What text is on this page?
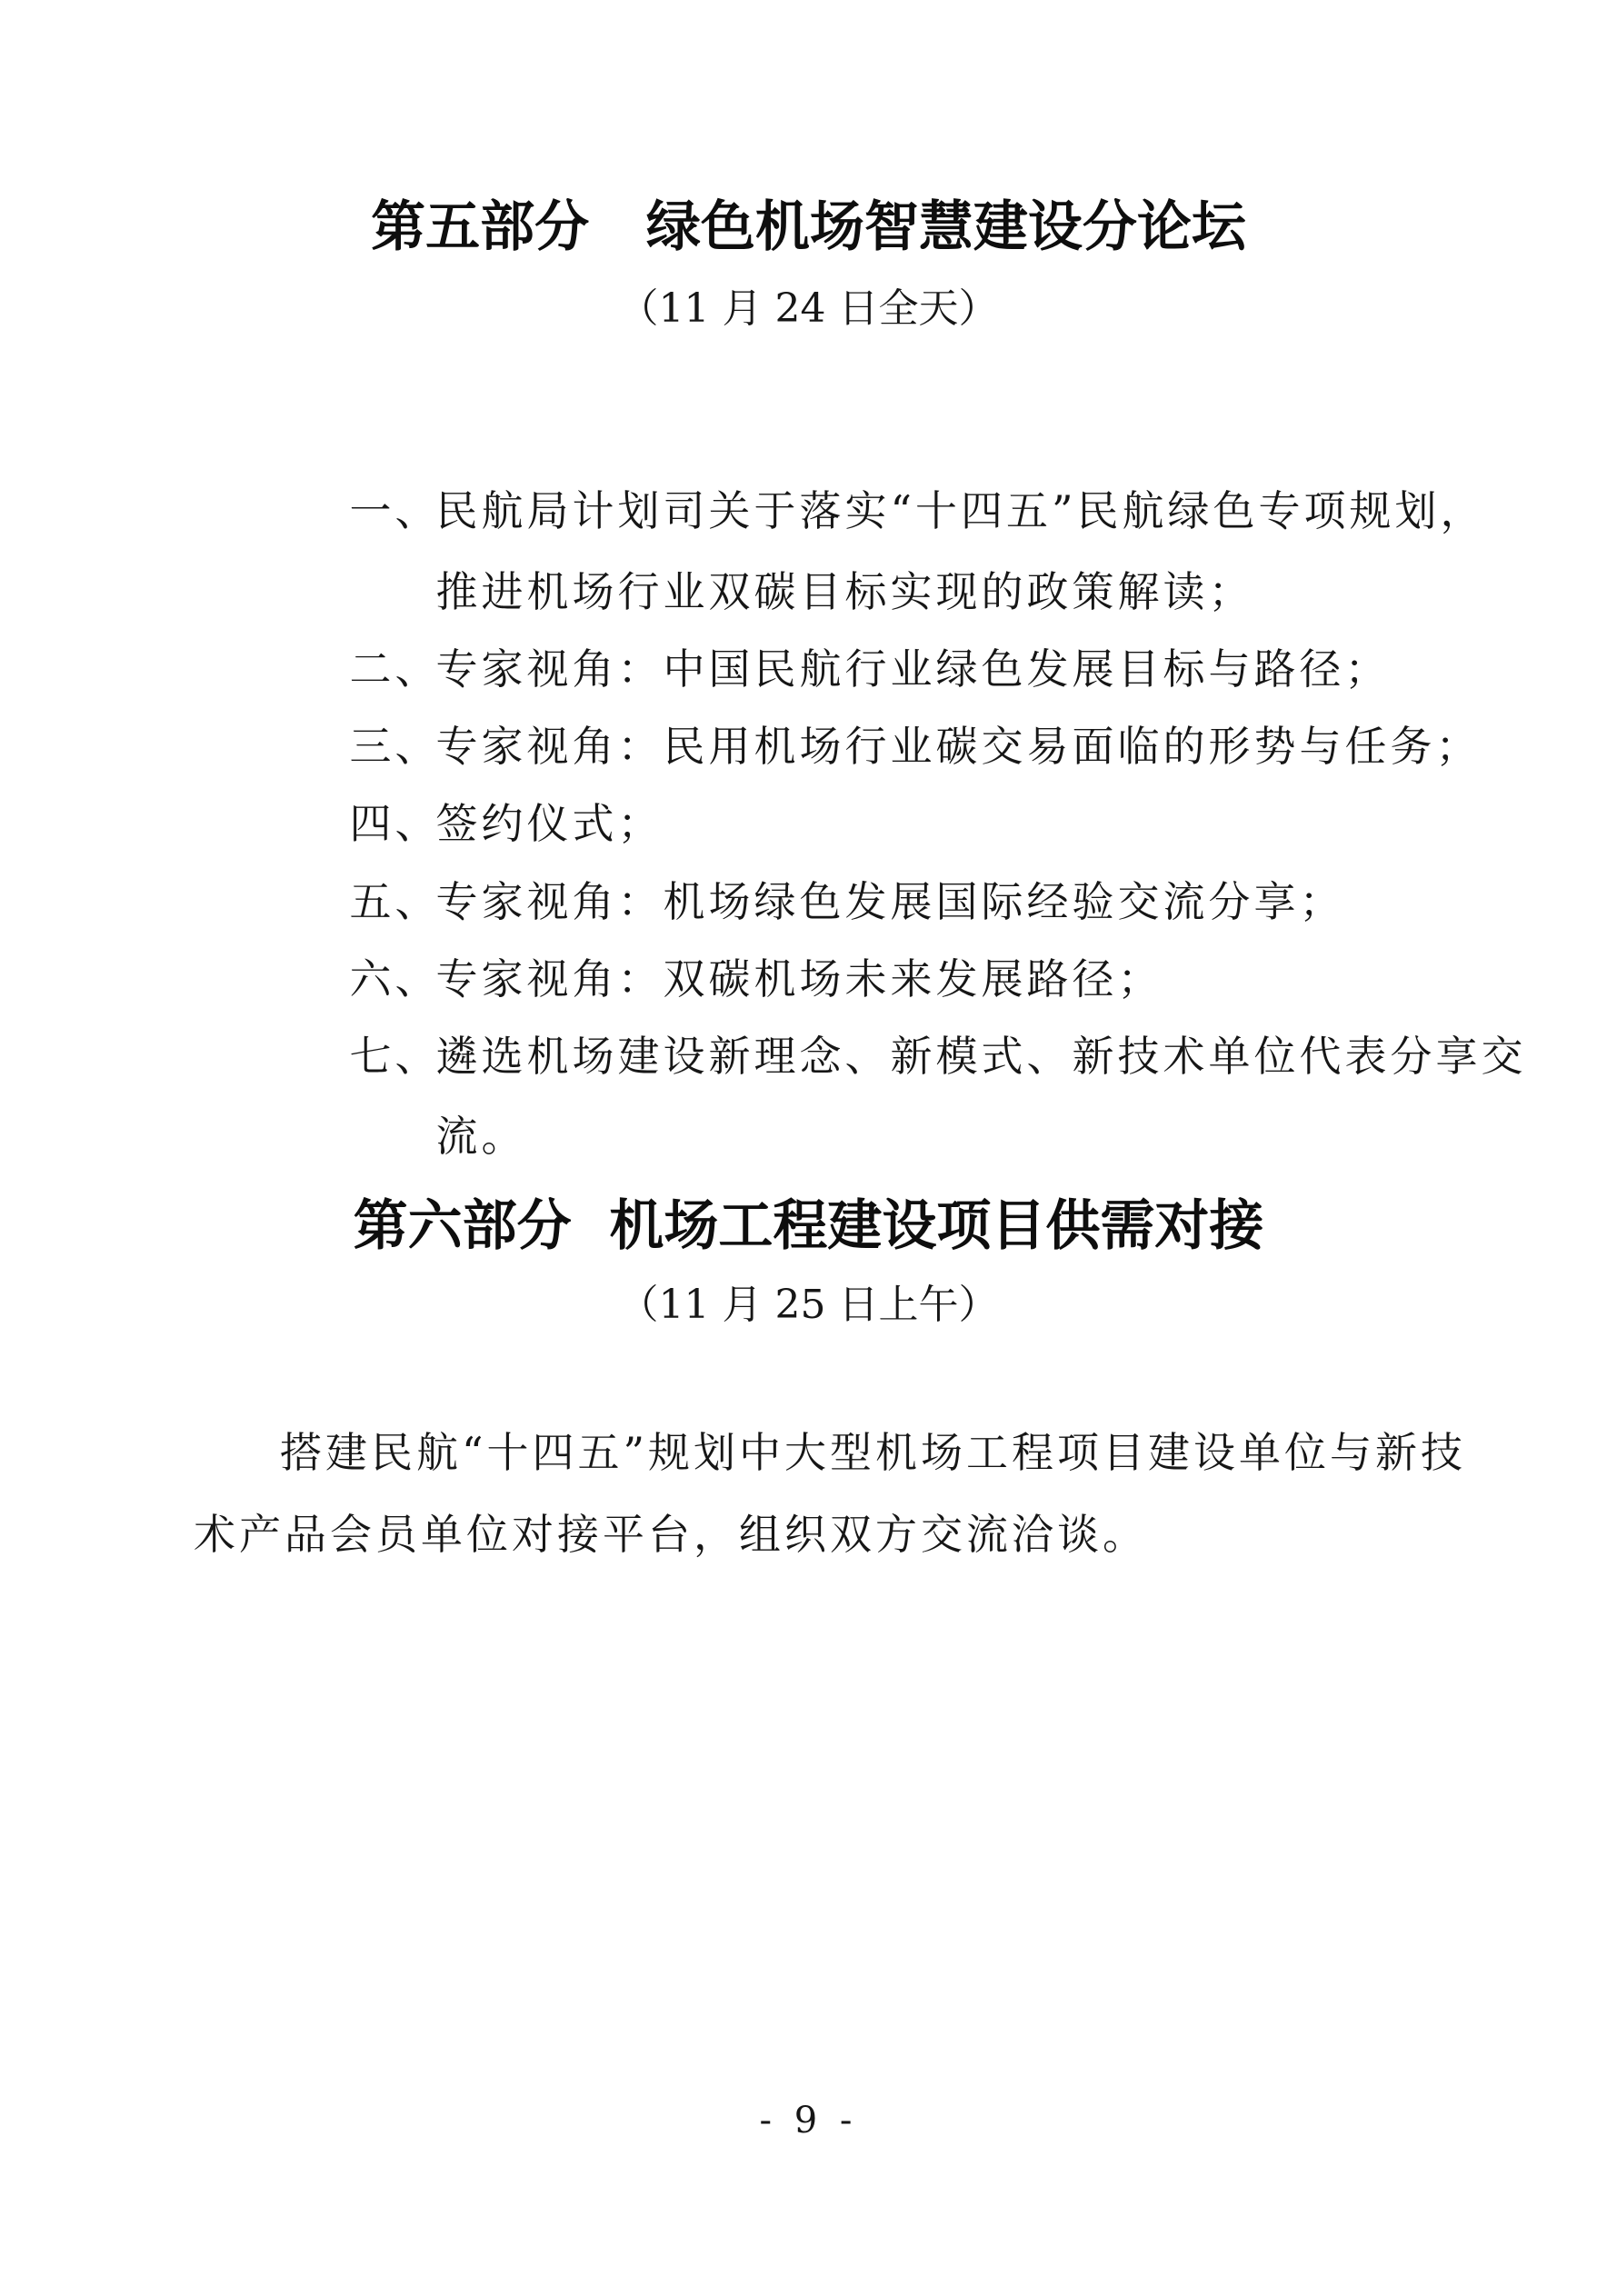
第五部分   绿色机场智慧建设分论坛
（11 月 24 日全天）

一、民航局计划司关于落实“十四五”民航绿色专项规划，

推进机场行业双碳目标实现的政策解读；

二、专家视角：中国民航行业绿色发展目标与路径；

三、专家视角：民用机场行业碳交易面临的形势与任务；

四、签约仪式；

五、专家视角：机场绿色发展国际经验交流分享；

六、专家视角：双碳机场未来发展路径；

七、遴选机场建设新理念、新模式、新技术单位代表分享交

流。

第六部分  机场工程建设项目供需对接
（11 月 25 日上午）
搭建民航“十四五”规划中大型机场工程项目建设单位与新技
术产品会员单位对接平台，组织双方交流洽谈。
- 9 -
